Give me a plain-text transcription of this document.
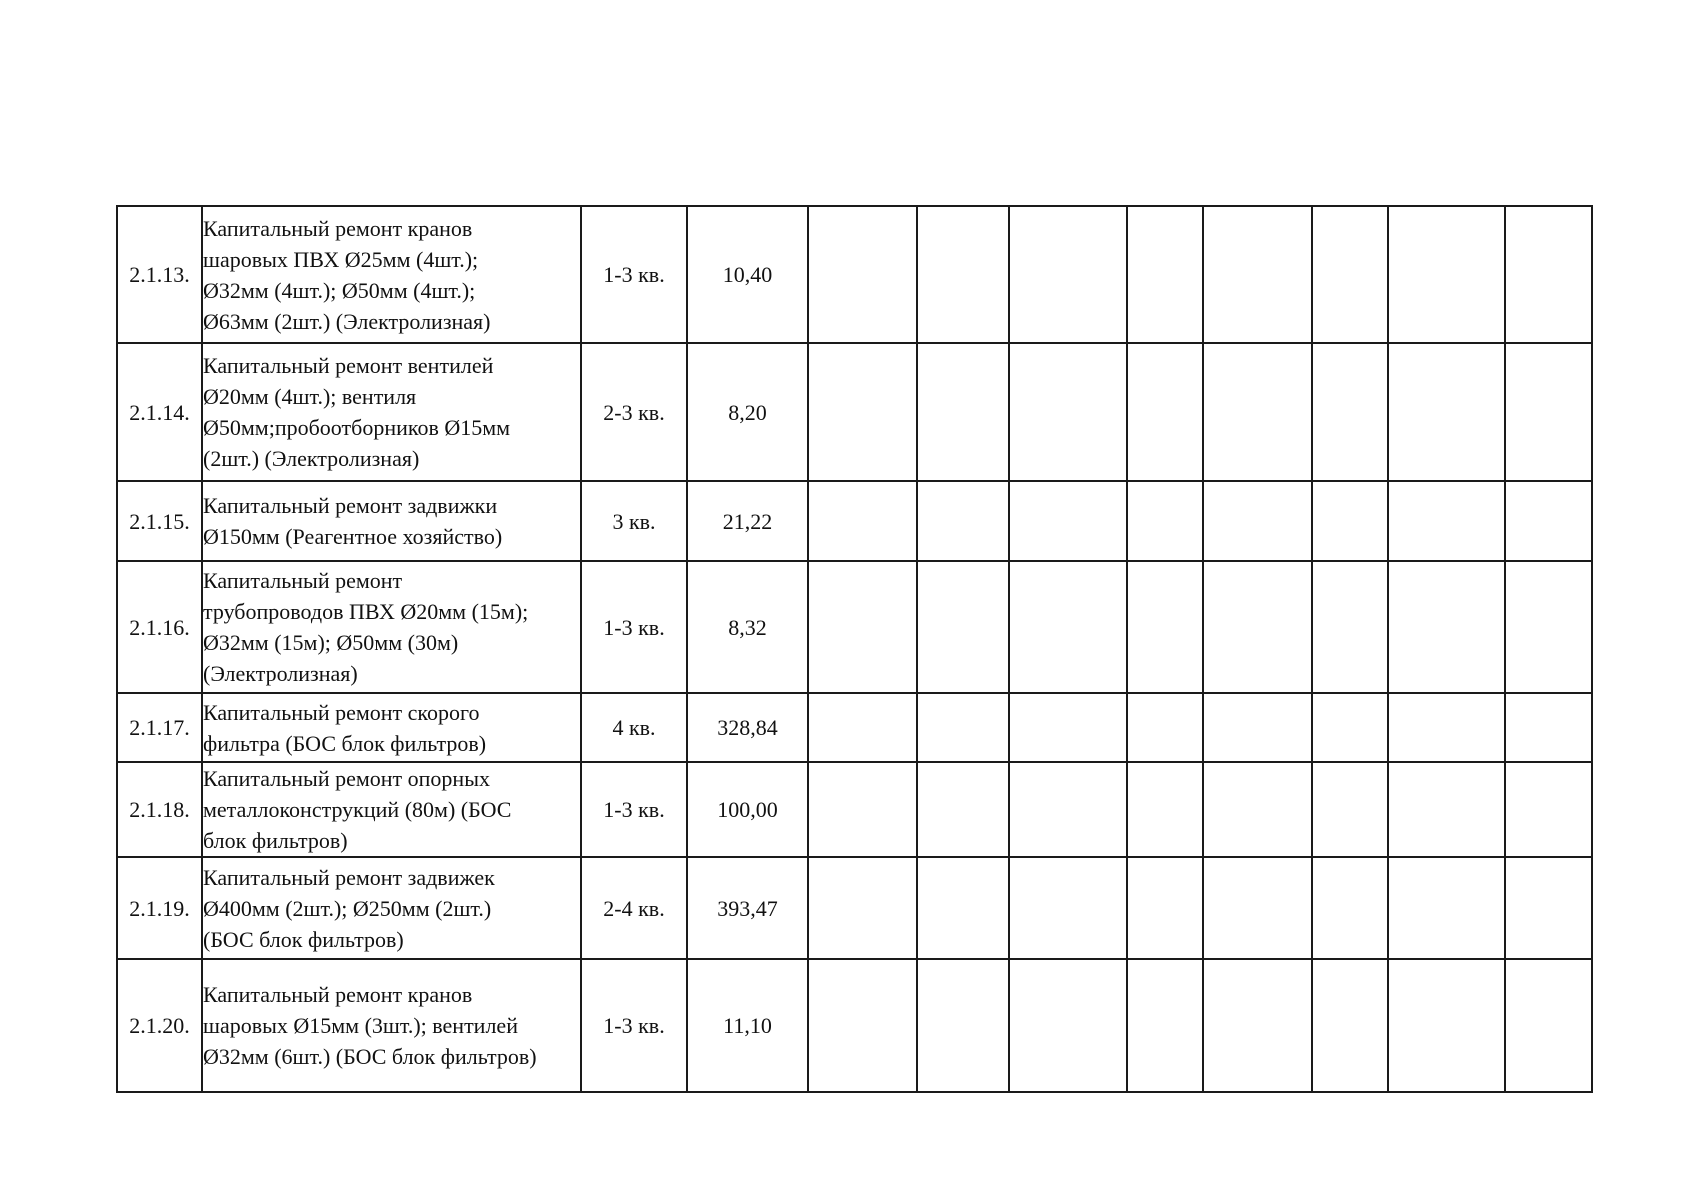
2.1.13.	Капитальный ремонт кранов
шаровых ПВХ Ø25мм (4шт.);
Ø32мм (4шт.); Ø50мм (4шт.);
Ø63мм (2шт.) (Электролизная)	1-3 кв.	10,40								
2.1.14.	Капитальный ремонт вентилей
Ø20мм (4шт.); вентиля
Ø50мм;пробоотборников Ø15мм
(2шт.) (Электролизная)	2-3 кв.	8,20								
2.1.15.	Капитальный ремонт задвижки
Ø150мм (Реагентное хозяйство)	3 кв.	21,22								
2.1.16.	Капитальный ремонт
трубопроводов ПВХ Ø20мм (15м);
Ø32мм (15м); Ø50мм (30м)
(Электролизная)	1-3 кв.	8,32								
2.1.17.	Капитальный ремонт скорого
фильтра (БОС блок фильтров)	4 кв.	328,84								
2.1.18.	Капитальный ремонт опорных
металлоконструкций (80м) (БОС
блок фильтров)	1-3 кв.	100,00								
2.1.19.	Капитальный ремонт задвижек
Ø400мм (2шт.); Ø250мм (2шт.)
(БОС блок фильтров)	2-4 кв.	393,47								
2.1.20.	Капитальный ремонт кранов
шаровых Ø15мм (3шт.); вентилей
Ø32мм (6шт.) (БОС блок фильтров)	1-3 кв.	11,10								
